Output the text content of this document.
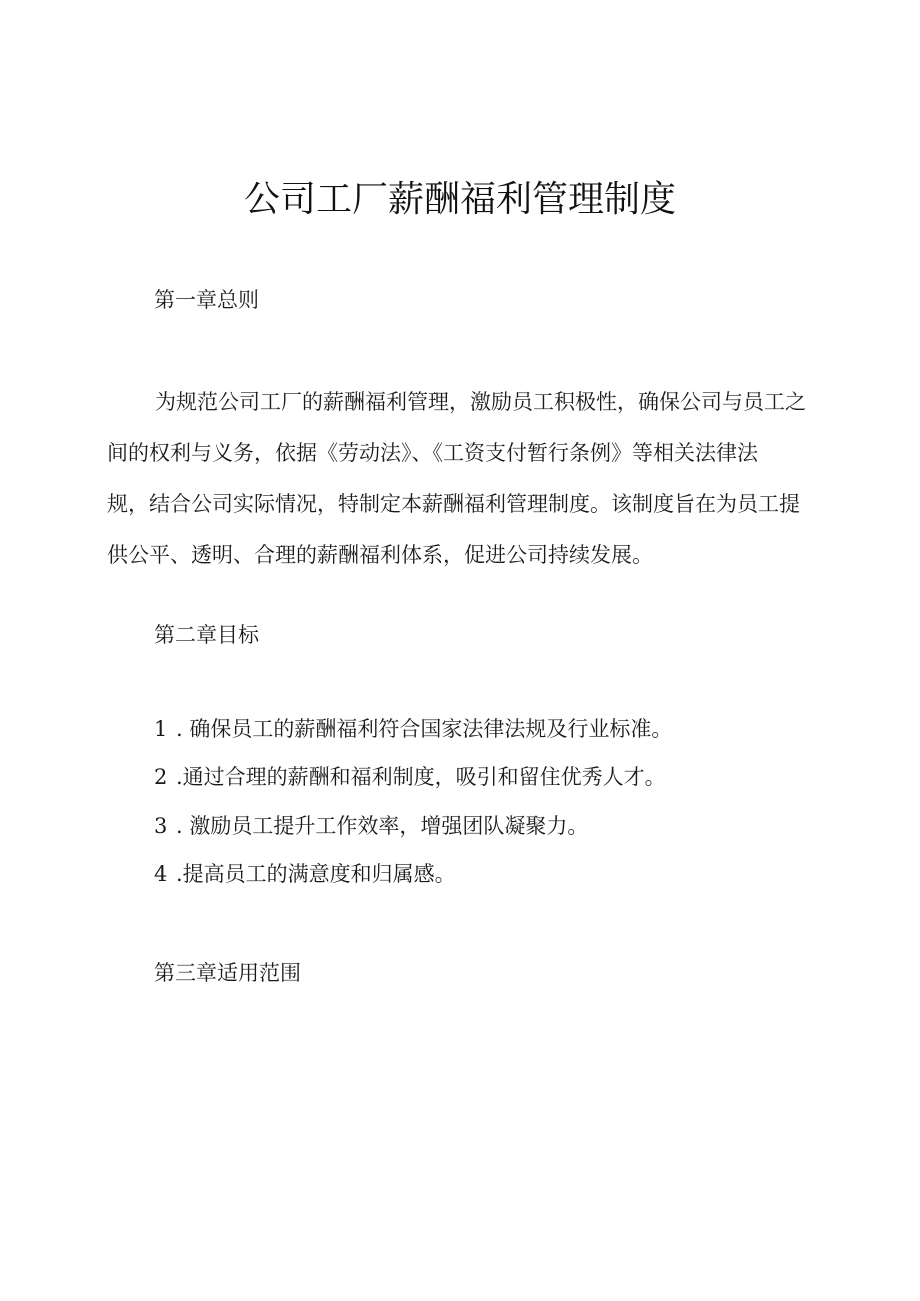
公司工厂薪酬福利管理制度
第一章总则
为规范公司工厂的薪酬福利管理，激励员工积极性，确保公司与员工之
间的权利与义务，依据《劳动法》、《工资支付暂行条例》等相关法律法
规，结合公司实际情况，特制定本薪酬福利管理制度。该制度旨在为员工提
供公平、透明、合理的薪酬福利体系，促进公司持续发展。
第二章目标
1 . 确保员工的薪酬福利符合国家法律法规及行业标准。
2 .通过合理的薪酬和福利制度，吸引和留住优秀人才。
3 . 激励员工提升工作效率，增强团队凝聚力。
4 .提高员工的满意度和归属感。
第三章适用范围
